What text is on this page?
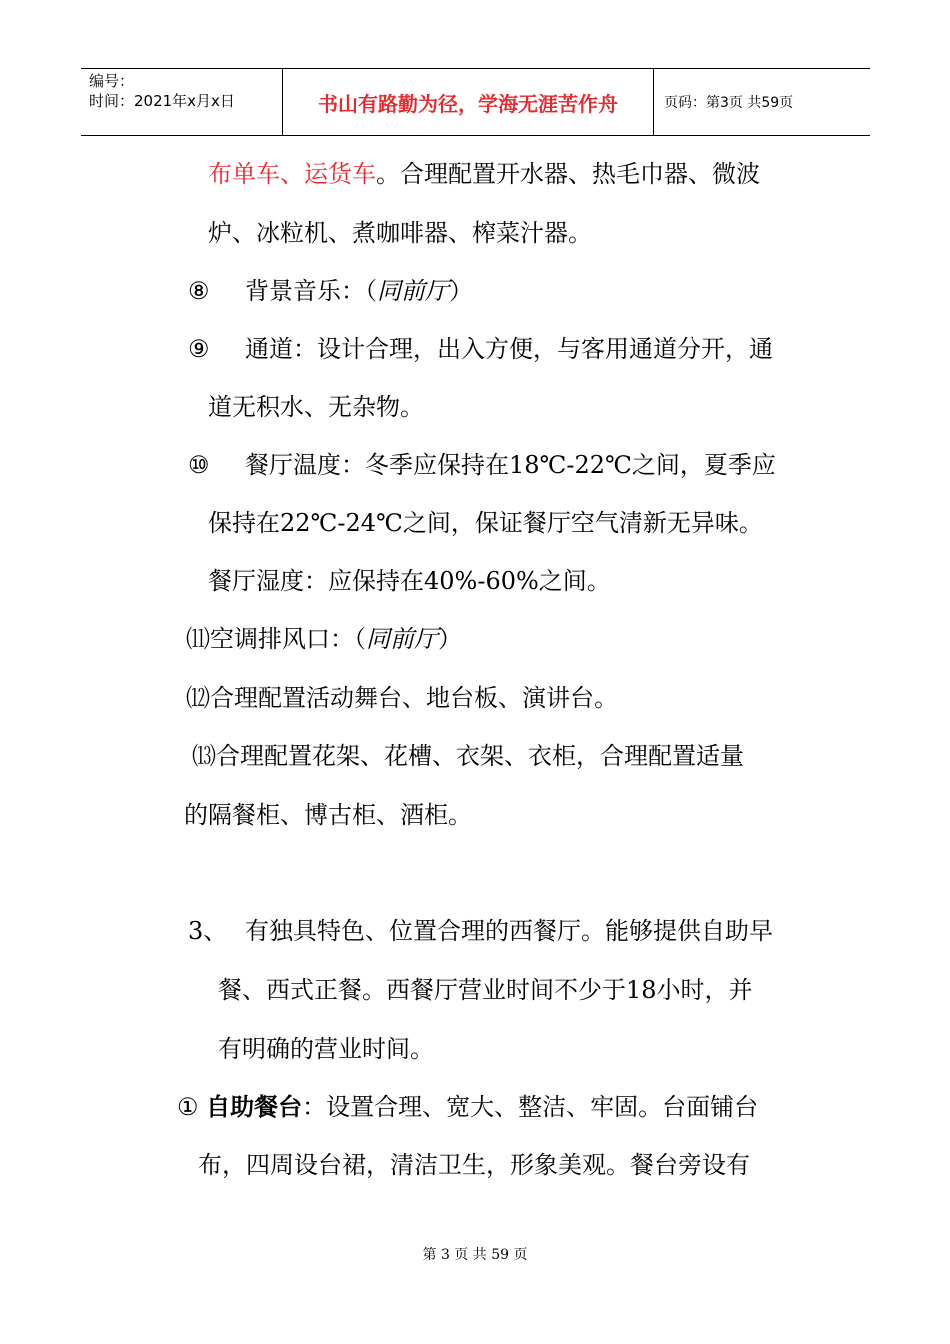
编号：
时间：2021年x月x日	书山有路勤为径，学海无涯苦作舟	页码：第3页 共59页
布单车、运货车。合理配置开水器、热毛巾器、微波
炉、冰粒机、煮咖啡器、榨菜汁器。
⑧ 背景音乐：（同前厅）
⑨ 通道：设计合理，出入方便，与客用通道分开，通
道无积水、无杂物。
⑩ 餐厅温度：冬季应保持在18℃-22℃之间，夏季应
保持在22℃-24℃之间，保证餐厅空气清新无异味。
餐厅湿度：应保持在40%-60%之间。
⑾空调排风口：（同前厅）
⑿合理配置活动舞台、地台板、演讲台。
⒀合理配置花架、花槽、衣架、衣柜，合理配置适量
的隔餐柜、博古柜、酒柜。
3、 有独具特色、位置合理的西餐厅。能够提供自助早
餐、西式正餐。西餐厅营业时间不少于18小时，并
有明确的营业时间。
① 自助餐台：设置合理、宽大、整洁、牢固。台面铺台
布，四周设台裙，清洁卫生，形象美观。餐台旁设有
第 3 页 共 59 页
